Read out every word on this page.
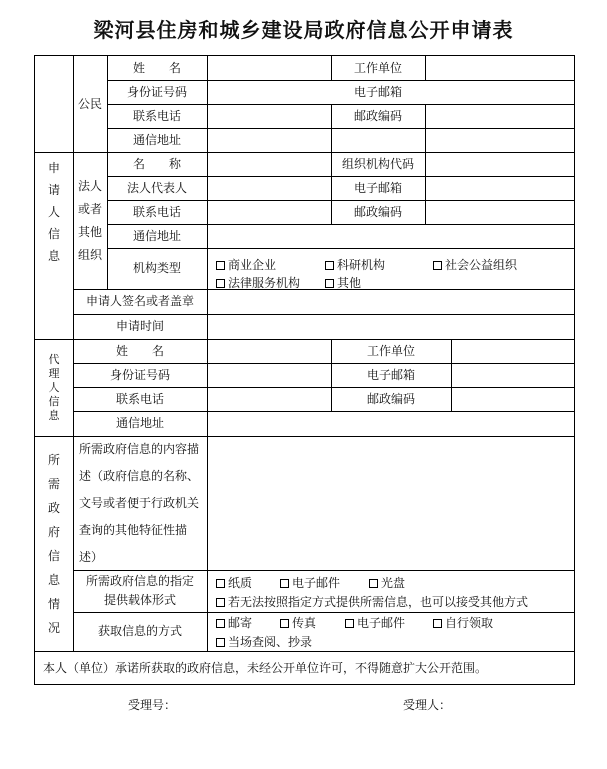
梁河县住房和城乡建设局政府信息公开申请表
申请人信息
公民
姓　　名	工作单位
身份证号码	电子邮箱
联系电话	邮政编码
通信地址
法人
或者
其他
组织
名　　称	组织机构代码
法人代表人	电子邮箱
联系电话	邮政编码
通信地址
机构类型	商业企业	科研机构	社会公益组织
法律服务机构	其他
申请人签名或者盖章
申请时间
代理人信息
姓　　名	工作单位
身份证号码	电子邮箱
联系电话	邮政编码
通信地址
所需政府信息情况
所需政府信息的内容描述（政府信息的名称、文号或者便于行政机关查询的其他特征性描述）
所需政府信息的指定提供载体形式
纸质	电子邮件	光盘
若无法按照指定方式提供所需信息，也可以接受其他方式
获取信息的方式
邮寄	传真	电子邮件	自行领取
当场查阅、抄录
本人（单位）承诺所获取的政府信息，未经公开单位许可，不得随意扩大公开范围。
受理号：	受理人：
